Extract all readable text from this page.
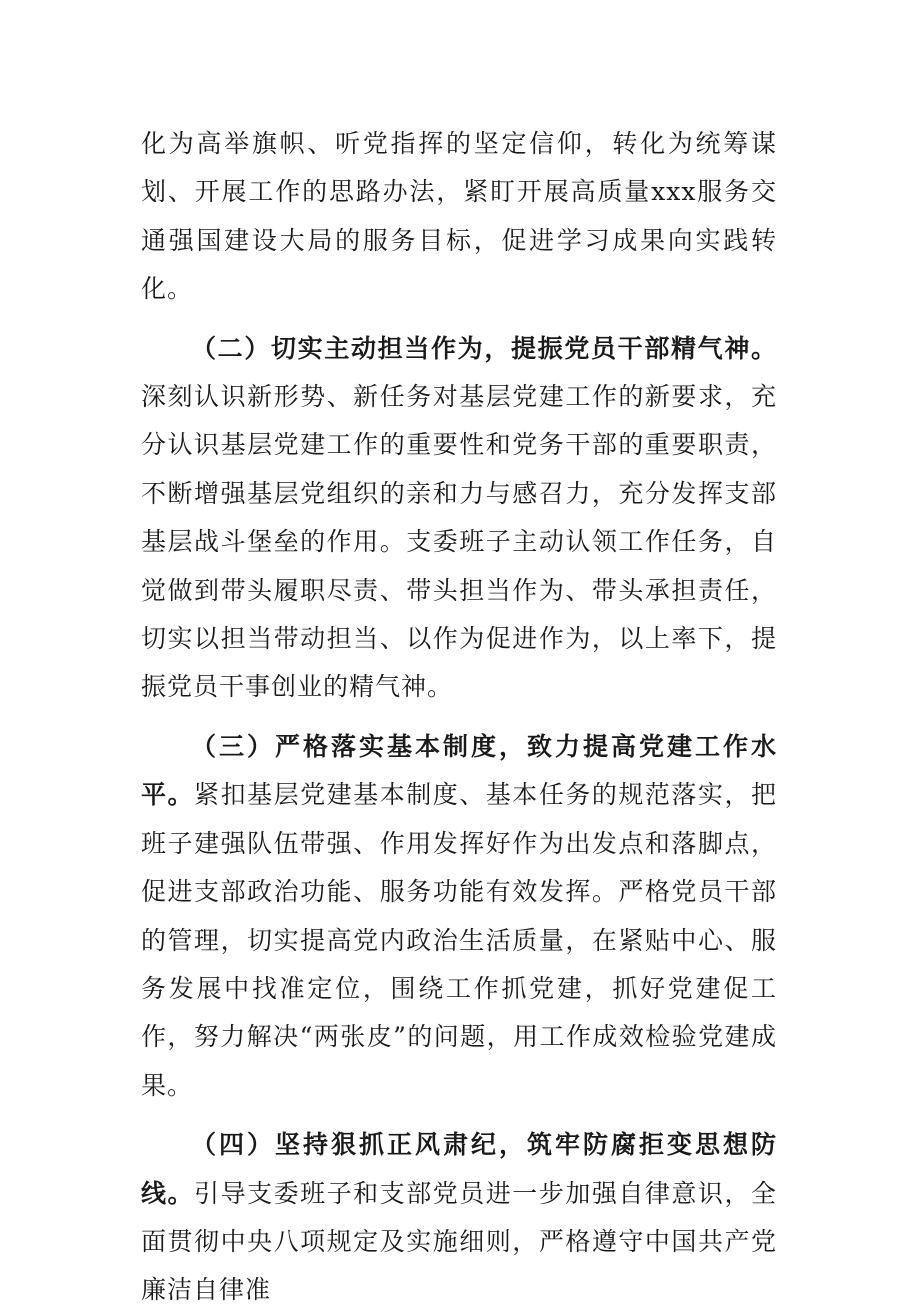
化为高举旗帜、听党指挥的坚定信仰，转化为统筹谋划、开展工作的思路办法，紧盯开展高质量xxx服务交通强国建设大局的服务目标，促进学习成果向实践转化。

（二）切实主动担当作为，提振党员干部精气神。深刻认识新形势、新任务对基层党建工作的新要求，充分认识基层党建工作的重要性和党务干部的重要职责，不断增强基层党组织的亲和力与感召力，充分发挥支部基层战斗堡垒的作用。支委班子主动认领工作任务，自觉做到带头履职尽责、带头担当作为、带头承担责任，切实以担当带动担当、以作为促进作为，以上率下，提振党员干事创业的精气神。

（三）严格落实基本制度，致力提高党建工作水平。紧扣基层党建基本制度、基本任务的规范落实，把班子建强队伍带强、作用发挥好作为出发点和落脚点，促进支部政治功能、服务功能有效发挥。严格党员干部的管理，切实提高党内政治生活质量，在紧贴中心、服务发展中找准定位，围绕工作抓党建，抓好党建促工作，努力解决“两张皮”的问题，用工作成效检验党建成果。

（四）坚持狠抓正风肃纪，筑牢防腐拒变思想防线。引导支委班子和支部党员进一步加强自律意识，全面贯彻中央八项规定及实施细则，严格遵守中国共产党廉洁自律准
